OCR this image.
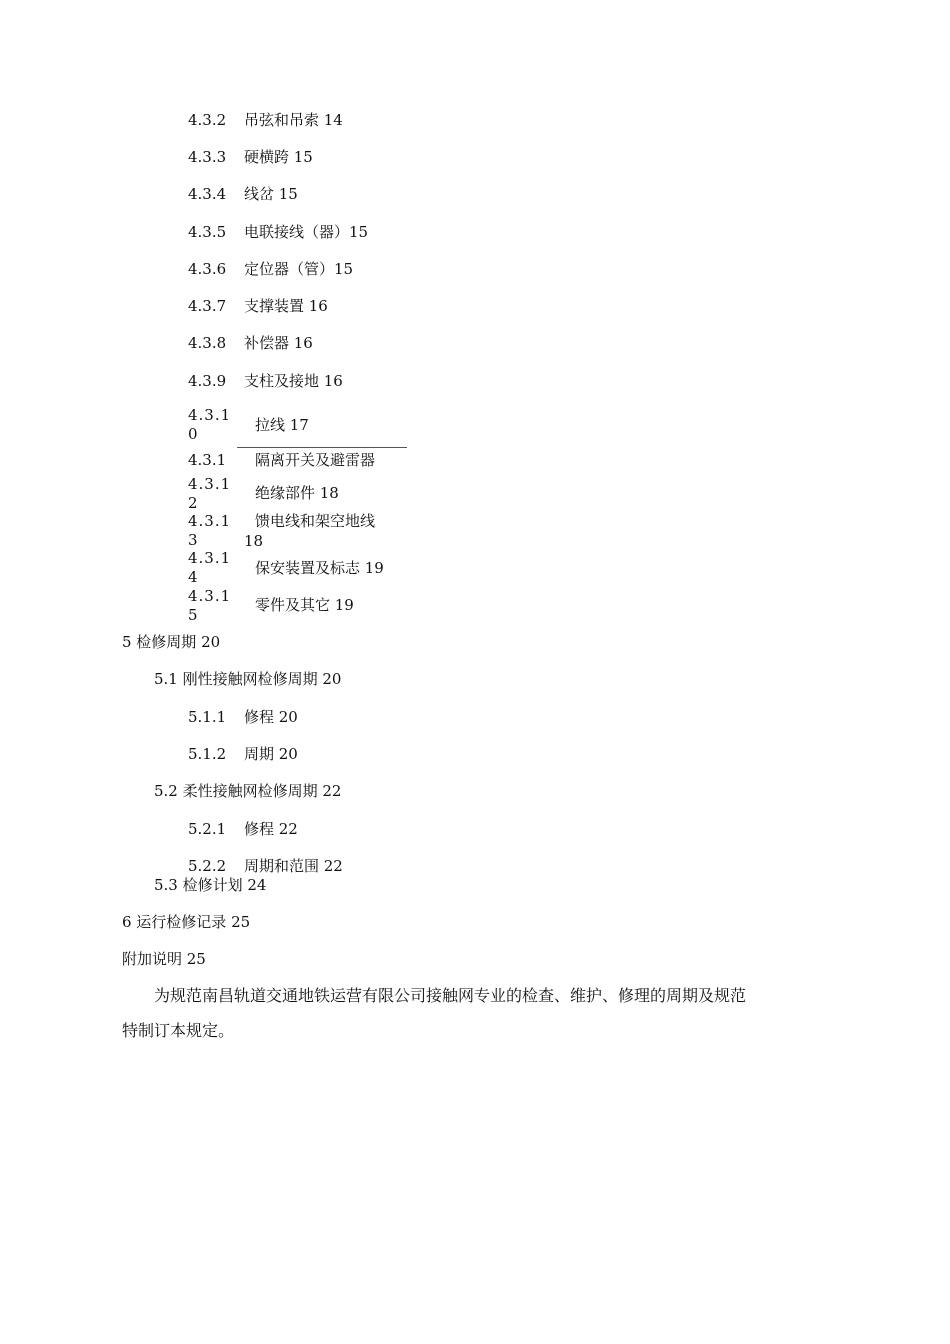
4.3.2 吊弦和吊索 14
4.3.3 硬横跨 15
4.3.4 线岔 15
4.3.5 电联接线（器）15
4.3.6 定位器（管）15
4.3.7 支撑装置 16
4.3.8 补偿器 16
4.3.9 支柱及接地 16
4.3.10	拉线 17
4.3.1 隔离开关及避雷器
4.3.12
绝缘部件 18
4.3.13
馈电线和架空地线
18
4.3.14	保安装置及标志 19
4.3.15
零件及其它 19
5 检修周期 20
5.1 刚性接触网检修周期 20
5.1.1 修程 20
5.1.2 周期 20
5.2 柔性接触网检修周期 22
5.2.1 修程 22
5.2.2 周期和范围 22
5.3 检修计划 24
6 运行检修记录 25
附加说明 25
为规范南昌轨道交通地铁运营有限公司接触网专业的检查、维护、修理的周期及规范
特制订本规定。
